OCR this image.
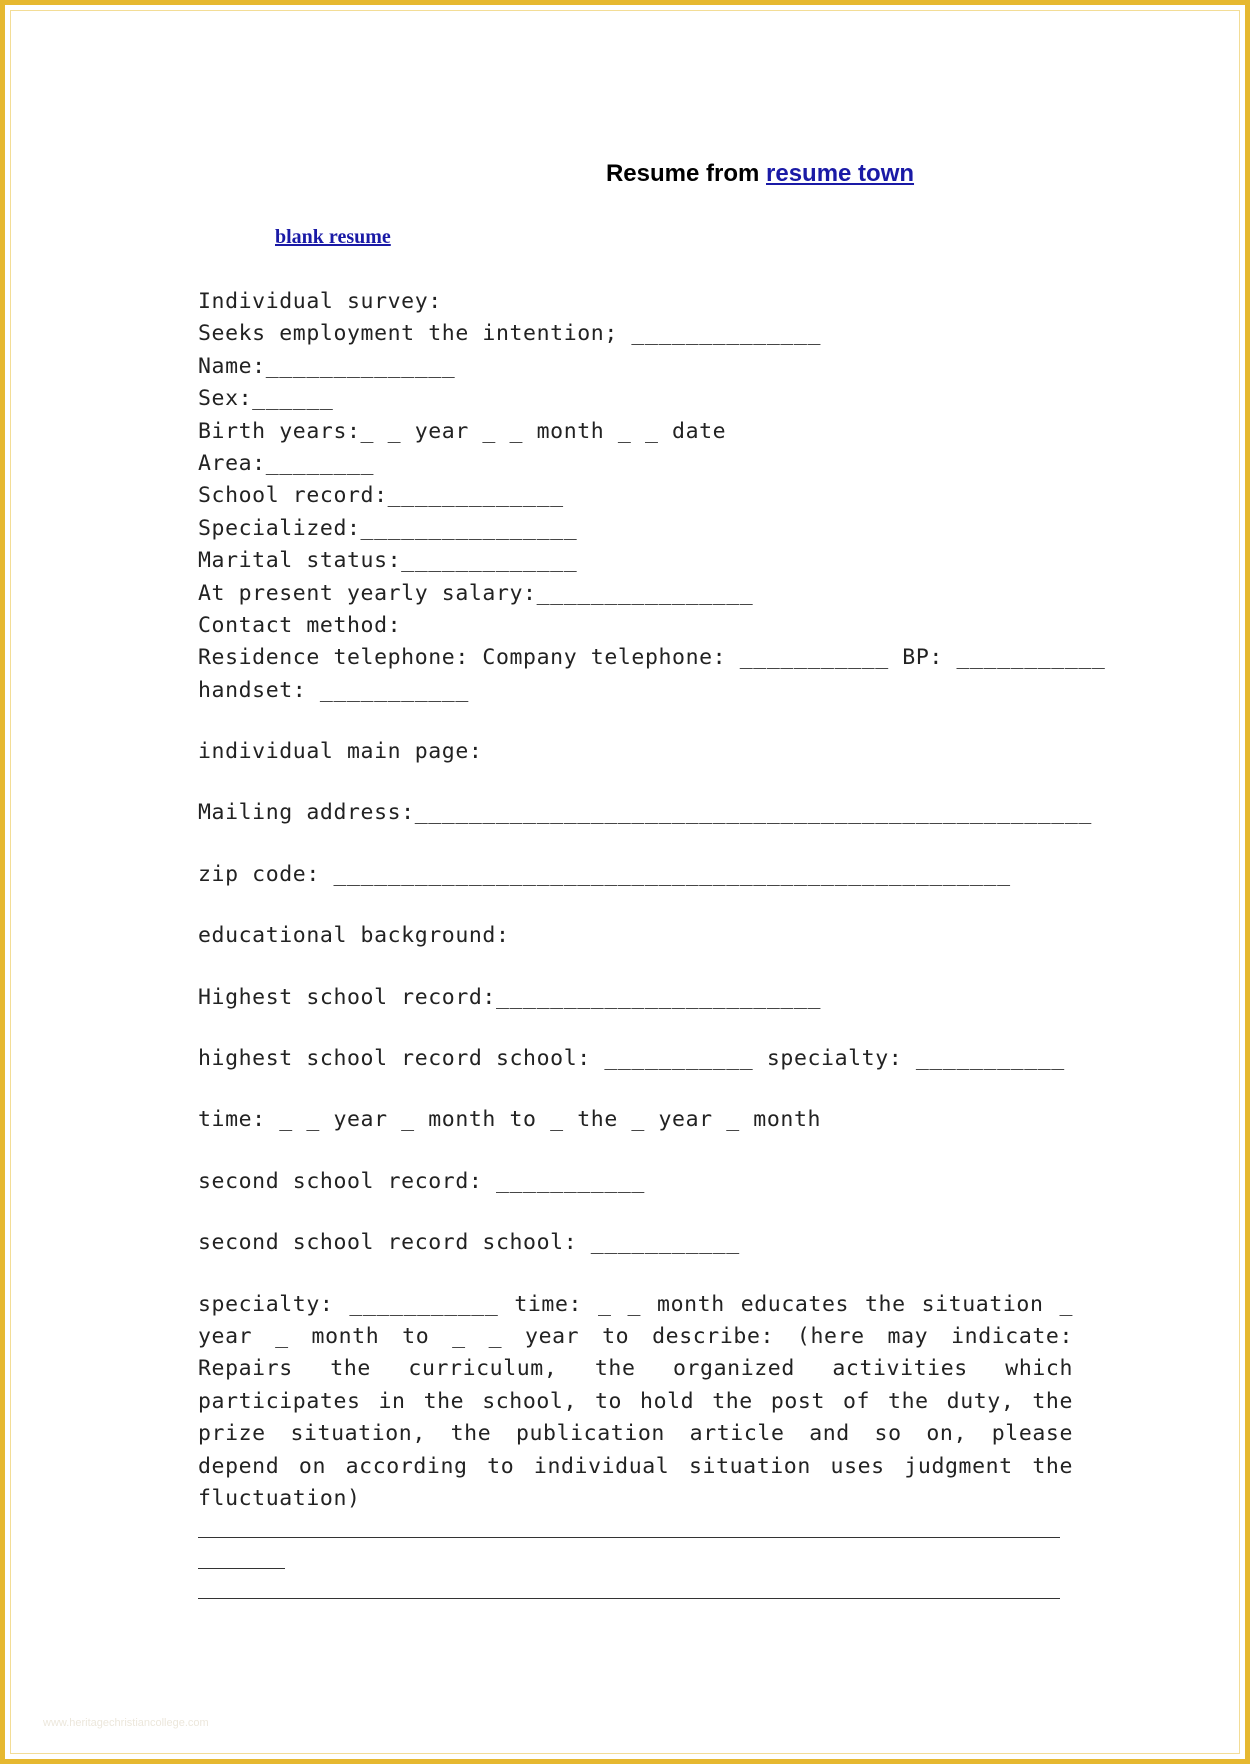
Resume from resume town
blank resume
Individual survey:
Seeks employment the intention; ______________
Name:______________
Sex:______
Birth years:_ _ year _ _ month _ _ date
Area:________
School record:_____________
Specialized:________________
Marital status:_____________
At present yearly salary:________________
Contact method:
Residence telephone: Company telephone: ___________ BP: ___________
handset: ___________
individual main page:
Mailing address:__________________________________________________
zip code: __________________________________________________
educational background:
Highest school record:________________________
highest school record school: ___________ specialty: ___________
time: _ _ year _ month to _ the _ year _ month
second school record: ___________
second school record school: ___________

specialty: ___________ time: _ _ month educates the situation _ year _ month to _ _ year to describe: (here may indicate: Repairs the curriculum, the organized activities which participates in the school, to hold the post of the duty, the prize situation, the publication article and so on, please depend on according to individual situation uses judgment the fluctuation)

www.heritagechristiancollege.com
